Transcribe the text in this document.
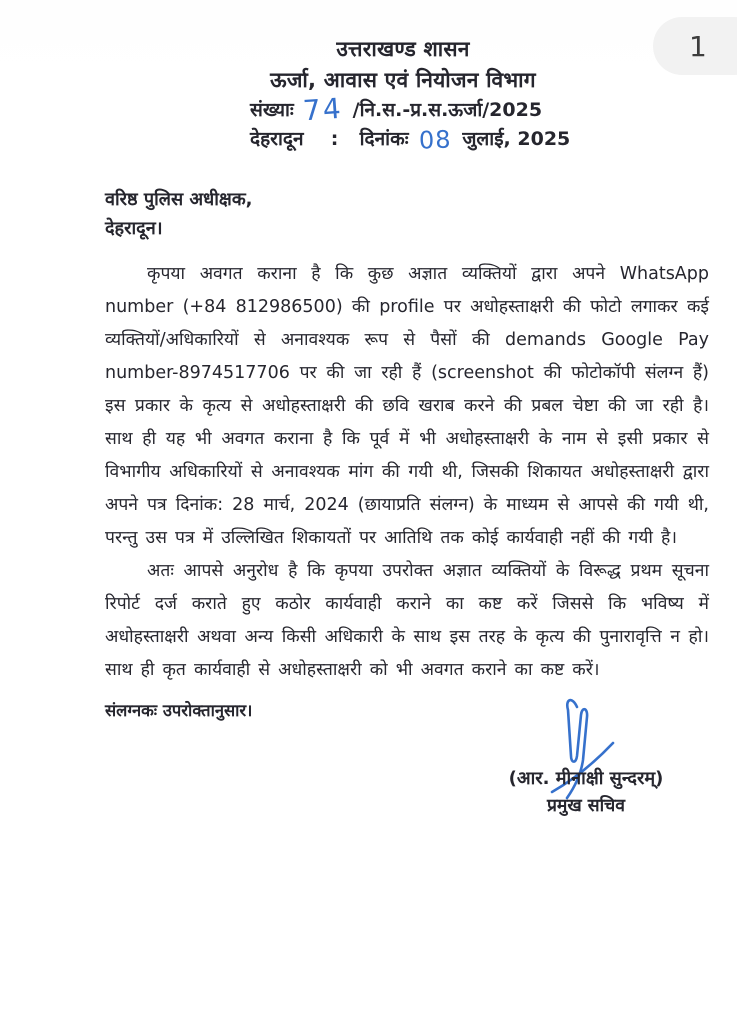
1
उत्तराखण्ड शासन
ऊर्जा, आवास एवं नियोजन विभाग
संख्याः 74 /नि.स.-प्र.स.ऊर्जा/2025
देहरादून : दिनांकः 08 जुलाई, 2025
वरिष्ठ पुलिस अधीक्षक,
देहरादून।

कृपया अवगत कराना है कि कुछ अज्ञात व्यक्तियों द्वारा अपने WhatsApp number (+84 812986500) की profile पर अधोहस्ताक्षरी की फोटो लगाकर कई व्यक्तियों/अधिकारियों से अनावश्यक रूप से पैसों की demands Google Pay number-8974517706 पर की जा रही हैं (screenshot की फोटोकॉपी संलग्न हैं) इस प्रकार के कृत्य से अधोहस्ताक्षरी की छवि खराब करने की प्रबल चेष्टा की जा रही है। साथ ही यह भी अवगत कराना है कि पूर्व में भी अधोहस्ताक्षरी के नाम से इसी प्रकार से विभागीय अधिकारियों से अनावश्यक मांग की गयी थी, जिसकी शिकायत अधोहस्ताक्षरी द्वारा अपने पत्र दिनांक: 28 मार्च, 2024 (छायाप्रति संलग्न) के माध्यम से आपसे की गयी थी, परन्तु उस पत्र में उल्लिखित शिकायतों पर आतिथि तक कोई कार्यवाही नहीं की गयी है।

अतः आपसे अनुरोध है कि कृपया उपरोक्त अज्ञात व्यक्तियों के विरूद्ध प्रथम सूचना रिपोर्ट दर्ज कराते हुए कठोर कार्यवाही कराने का कष्ट करें जिससे कि भविष्य में अधोहस्ताक्षरी अथवा अन्य किसी अधिकारी के साथ इस तरह के कृत्य की पुनारावृत्ति न हो। साथ ही कृत कार्यवाही से अधोहस्ताक्षरी को भी अवगत कराने का कष्ट करें।

संलग्नकः उपरोक्तानुसार।
(आर. मीनाक्षी सुन्दरम्)
प्रमुख सचिव
